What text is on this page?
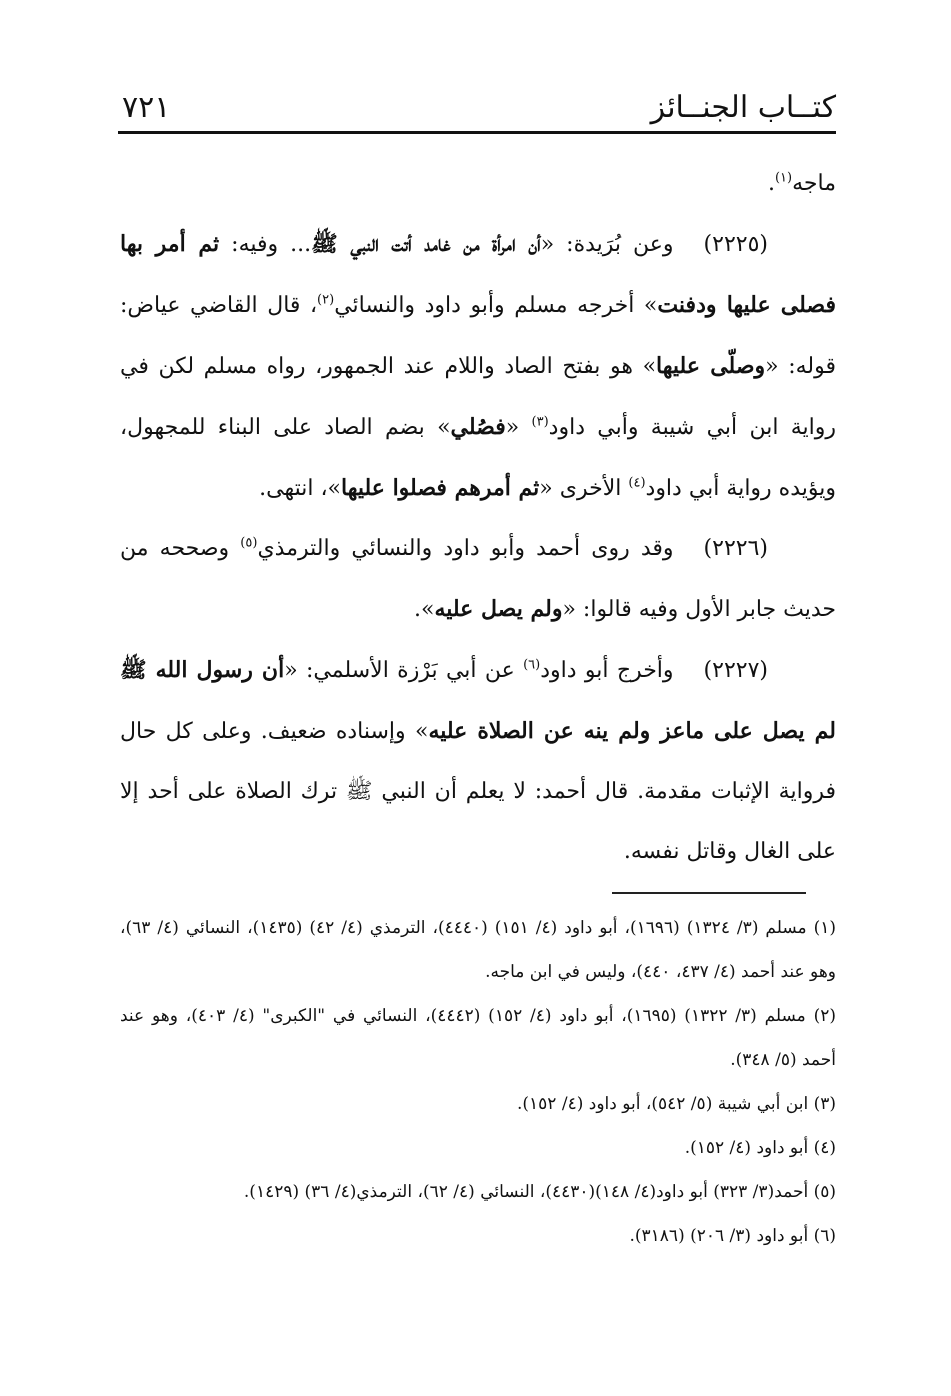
كتــاب الجنــائز
٧٢١

ماجه$^{(١)}$.

(٢٢٢٥)وعن بُرَيدة: «أن امرأة من غامد أتت النبي ﷺ... وفيه: ثم أمر بها فصلى عليها ودفنت» أخرجه مسلم وأبو داود والنسائي$^{(٢)}$، قال القاضي عياض: قوله: «وصلّى عليها» هو بفتح الصاد واللام عند الجمهور، رواه مسلم لكن في رواية ابن أبي شيبة وأبي داود$^{(٣)}$ «فصُلي» بضم الصاد على البناء للمجهول، ويؤيده رواية أبي داود$^{(٤)}$ الأخرى «ثم أمرهم فصلوا عليها»، انتهى.

(٢٢٢٦)وقد روى أحمد وأبو داود والنسائي والترمذي$^{(٥)}$ وصححه من حديث جابر الأول وفيه قالوا: «ولم يصل عليه».

(٢٢٢٧)وأخرج أبو داود$^{(٦)}$ عن أبي بَرْزة الأسلمي: «أن رسول الله ﷺ لم يصل على ماعز ولم ينه عن الصلاة عليه» وإسناده ضعيف. وعلى كل حال فرواية الإثبات مقدمة. قال أحمد: لا يعلم أن النبي ﷺ ترك الصلاة على أحد إلا على الغال وقاتل نفسه.

(١) مسلم (٣/ ١٣٢٤) (١٦٩٦)، أبو داود (٤/ ١٥١) (٤٤٤٠)، الترمذي (٤/ ٤٢) (١٤٣٥)، النسائي (٤/ ٦٣)، وهو عند أحمد (٤/ ٤٣٧، ٤٤٠)، وليس في ابن ماجه.

(٢) مسلم (٣/ ١٣٢٢) (١٦٩٥)، أبو داود (٤/ ١٥٢) (٤٤٤٢)، النسائي في "الكبرى" (٤/ ٤٠٣)، وهو عند أحمد (٥/ ٣٤٨).

(٣) ابن أبي شيبة (٥/ ٥٤٢)، أبو داود (٤/ ١٥٢).

(٤) أبو داود (٤/ ١٥٢).

(٥) أحمد(٣/ ٣٢٣) أبو داود(٤/ ١٤٨)(٤٤٣٠)، النسائي (٤/ ٦٢)، الترمذي(٤/ ٣٦) (١٤٢٩).

(٦) أبو داود (٣/ ٢٠٦) (٣١٨٦).
